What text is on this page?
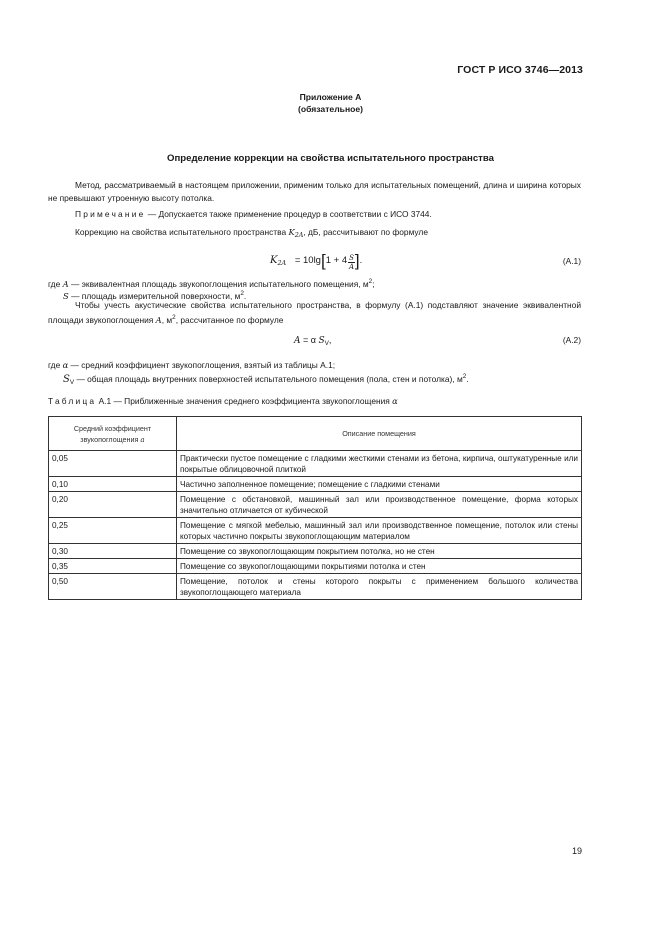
ГОСТ Р ИСО 3746—2013
Приложение А
(обязательное)
Определение коррекции на свойства испытательного пространства
Метод, рассматриваемый в настоящем приложении, применим только для испытательных помещений, длина и ширина которых не превышают утроенную высоту потолка.
Примечание — Допускается также применение процедур в соответствии с ИСО 3744.
Коррекцию на свойства испытательного пространства $K_{2A}$, дБ, рассчитывают по формуле
$K_{2A} = 10\lg[1 + 4 \frac{S}{A}$ ].	(А.1)
где A — эквивалентная площадь звукопоглощения испытательного помещения, $м^2$;
S — площадь измерительной поверхности, $м^2$.
Чтобы учесть акустические свойства испытательного пространства, в формулу (А.1) подставляют значение эквивалентной площади звукопоглощения A, $м^2$, рассчитанное по формуле
A = α $S_V$,	(А.2)
где α — средний коэффициент звукопоглощения, взятый из таблицы А.1;
$S_V$ — общая площадь внутренних поверхностей испытательного помещения (пола, стен и потолка), $м^2$.
Таблица А.1 — Приближенные значения среднего коэффициента звукопоглощения α
Средний коэффициент звукопоглощения a	Описание помещения
0,05	Практически пустое помещение с гладкими жесткими стенами из бетона, кирпича, оштукатуренные или покрытые облицовочной плиткой
0,10	Частично заполненное помещение; помещение с гладкими стенами
0,20	Помещение с обстановкой, машинный зал или производственное помещение, форма которых значительно отличается от кубической
0,25	Помещение с мягкой мебелью, машинный зал или производственное помещение, потолок или стены которых частично покрыты звукопоглощающим материалом
0,30	Помещение со звукопоглощающим покрытием потолка, но не стен
0,35	Помещение со звукопоглощающими покрытиями потолка и стен
0,50	Помещение, потолок и стены которого покрыты с применением большого количества звукопоглощающего материала
19
